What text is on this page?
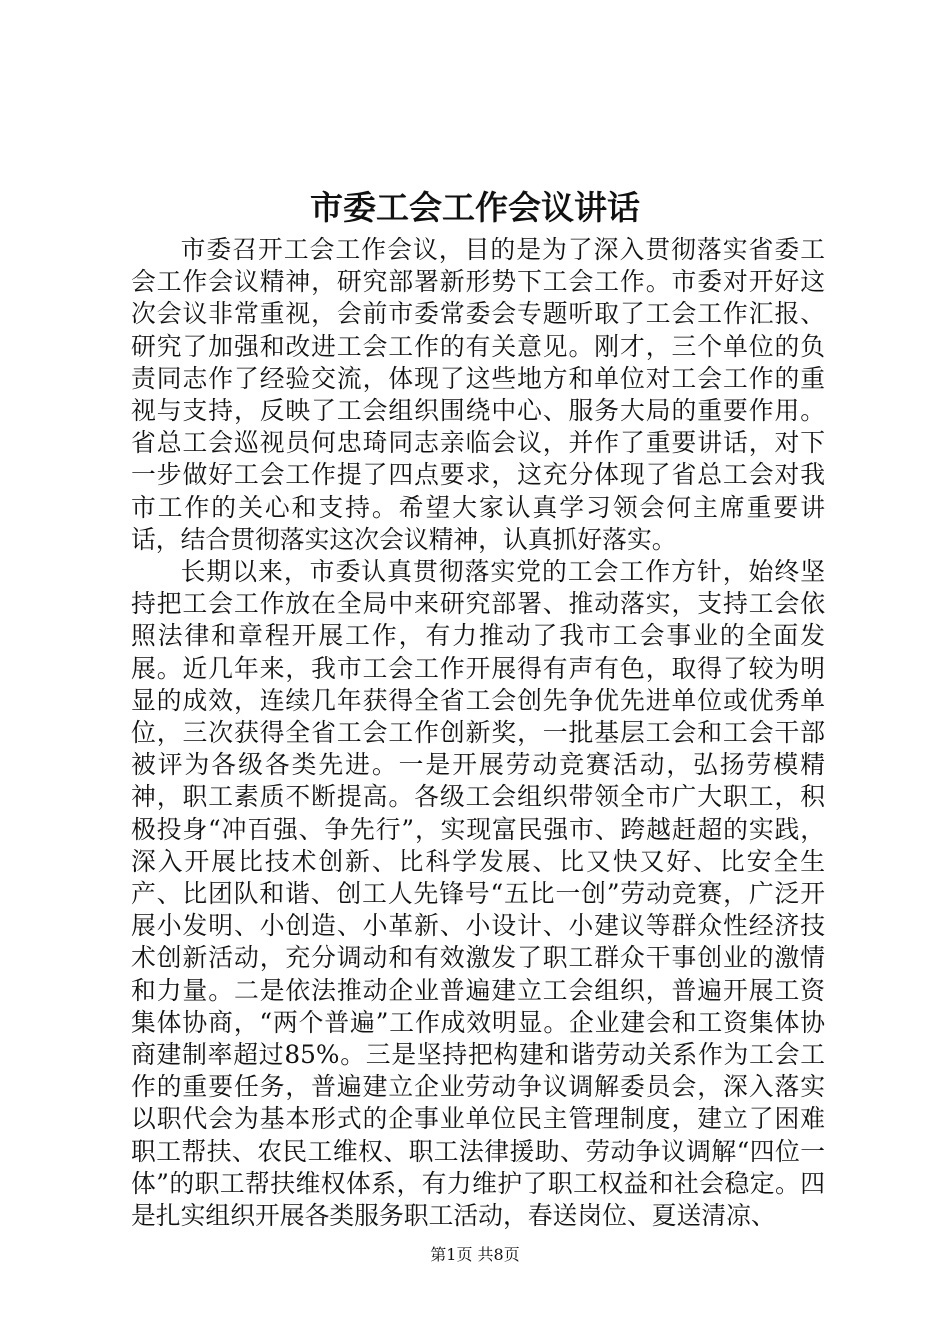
市委工会工作会议讲话

市委召开工会工作会议，目的是为了深入贯彻落实省委工会工作会议精神，研究部署新形势下工会工作。市委对开好这次会议非常重视，会前市委常委会专题听取了工会工作汇报、研究了加强和改进工会工作的有关意见。刚才，三个单位的负责同志作了经验交流，体现了这些地方和单位对工会工作的重视与支持，反映了工会组织围绕中心、服务大局的重要作用。省总工会巡视员何忠琦同志亲临会议，并作了重要讲话，对下一步做好工会工作提了四点要求，这充分体现了省总工会对我市工作的关心和支持。希望大家认真学习领会何主席重要讲话，结合贯彻落实这次会议精神，认真抓好落实。

长期以来，市委认真贯彻落实党的工会工作方针，始终坚持把工会工作放在全局中来研究部署、推动落实，支持工会依照法律和章程开展工作，有力推动了我市工会事业的全面发展。近几年来，我市工会工作开展得有声有色，取得了较为明显的成效，连续几年获得全省工会创先争优先进单位或优秀单位，三次获得全省工会工作创新奖，一批基层工会和工会干部被评为各级各类先进。一是开展劳动竞赛活动，弘扬劳模精神，职工素质不断提高。各级工会组织带领全市广大职工，积极投身“冲百强、争先行”，实现富民强市、跨越赶超的实践，深入开展比技术创新、比科学发展、比又快又好、比安全生产、比团队和谐、创工人先锋号“五比一创”劳动竞赛，广泛开展小发明、小创造、小革新、小设计、小建议等群众性经济技术创新活动，充分调动和有效激发了职工群众干事创业的激情和力量。二是依法推动企业普遍建立工会组织，普遍开展工资集体协商，“两个普遍”工作成效明显。企业建会和工资集体协商建制率超过85%。三是坚持把构建和谐劳动关系作为工会工作的重要任务，普遍建立企业劳动争议调解委员会，深入落实以职代会为基本形式的企事业单位民主管理制度，建立了困难职工帮扶、农民工维权、职工法律援助、劳动争议调解“四位一体”的职工帮扶维权体系，有力维护了职工权益和社会稳定。四是扎实组织开展各类服务职工活动，春送岗位、夏送清凉、

第1页 共8页
